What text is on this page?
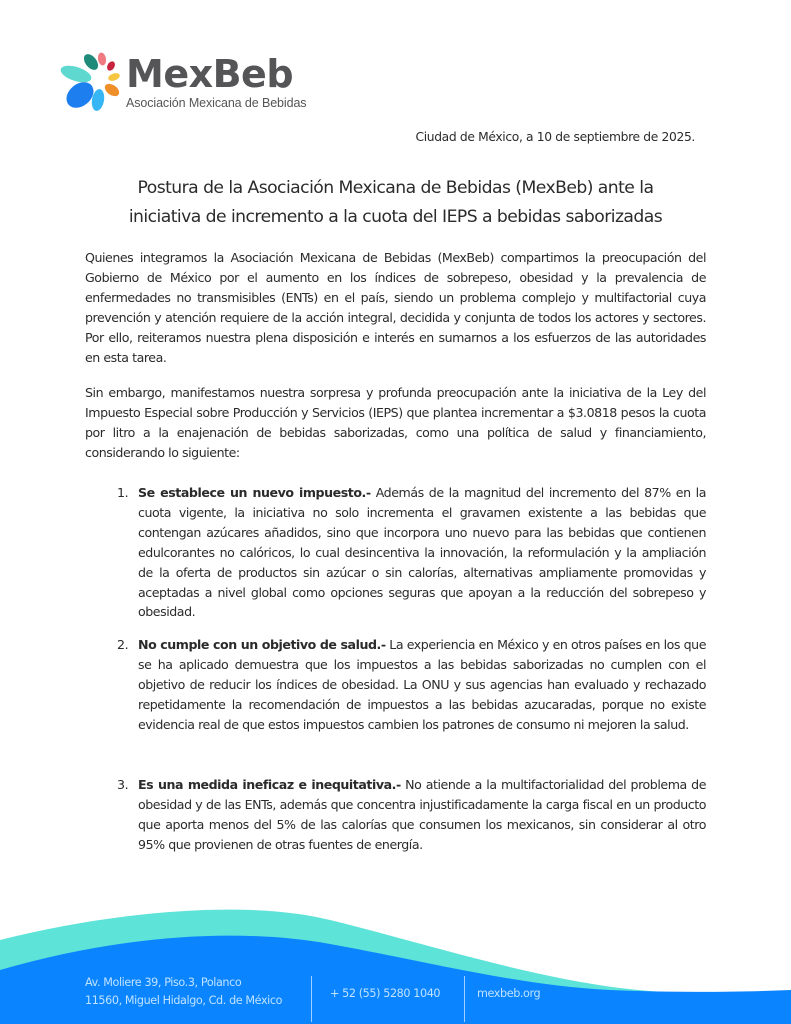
MexBeb
Asociación Mexicana de Bebidas
Ciudad de México, a 10 de septiembre de 2025.
Postura de la Asociación Mexicana de Bebidas (MexBeb) ante la
iniciativa de incremento a la cuota del IEPS a bebidas saborizadas

Quienes integramos la Asociación Mexicana de Bebidas (MexBeb) compartimos la preocupación del Gobierno de México por el aumento en los índices de sobrepeso, obesidad y la prevalencia de enfermedades no transmisibles (ENTs) en el país, siendo un problema complejo y multifactorial cuya prevención y atención requiere de la acción integral, decidida y conjunta de todos los actores y sectores. Por ello, reiteramos nuestra plena disposición e interés en sumarnos a los esfuerzos de las autoridades en esta tarea.

Sin embargo, manifestamos nuestra sorpresa y profunda preocupación ante la iniciativa de la Ley del Impuesto Especial sobre Producción y Servicios (IEPS) que plantea incrementar a $3.0818 pesos la cuota por litro a la enajenación de bebidas saborizadas, como una política de salud y financiamiento, considerando lo siguiente:

1. Se establece un nuevo impuesto.- Además de la magnitud del incremento del 87% en la cuota vigente, la iniciativa no solo incrementa el gravamen existente a las bebidas que contengan azúcares añadidos, sino que incorpora uno nuevo para las bebidas que contienen edulcorantes no calóricos, lo cual desincentiva la innovación, la reformulación y la ampliación de la oferta de productos sin azúcar o sin calorías, alternativas ampliamente promovidas y aceptadas a nivel global como opciones seguras que apoyan a la reducción del sobrepeso y obesidad.
2. No cumple con un objetivo de salud.- La experiencia en México y en otros países en los que se ha aplicado demuestra que los impuestos a las bebidas saborizadas no cumplen con el objetivo de reducir los índices de obesidad. La ONU y sus agencias han evaluado y rechazado repetidamente la recomendación de impuestos a las bebidas azucaradas, porque no existe evidencia real de que estos impuestos cambien los patrones de consumo ni mejoren la salud.
3. Es una medida ineficaz e inequitativa.- No atiende a la multifactorialidad del problema de obesidad y de las ENTs, además que concentra injustificadamente la carga fiscal en un producto que aporta menos del 5% de las calorías que consumen los mexicanos, sin considerar al otro 95% que provienen de otras fuentes de energía.
Av. Moliere 39, Piso.3, Polanco
11560, Miguel Hidalgo, Cd. de México
+ 52 (55) 5280 1040	mexbeb.org
